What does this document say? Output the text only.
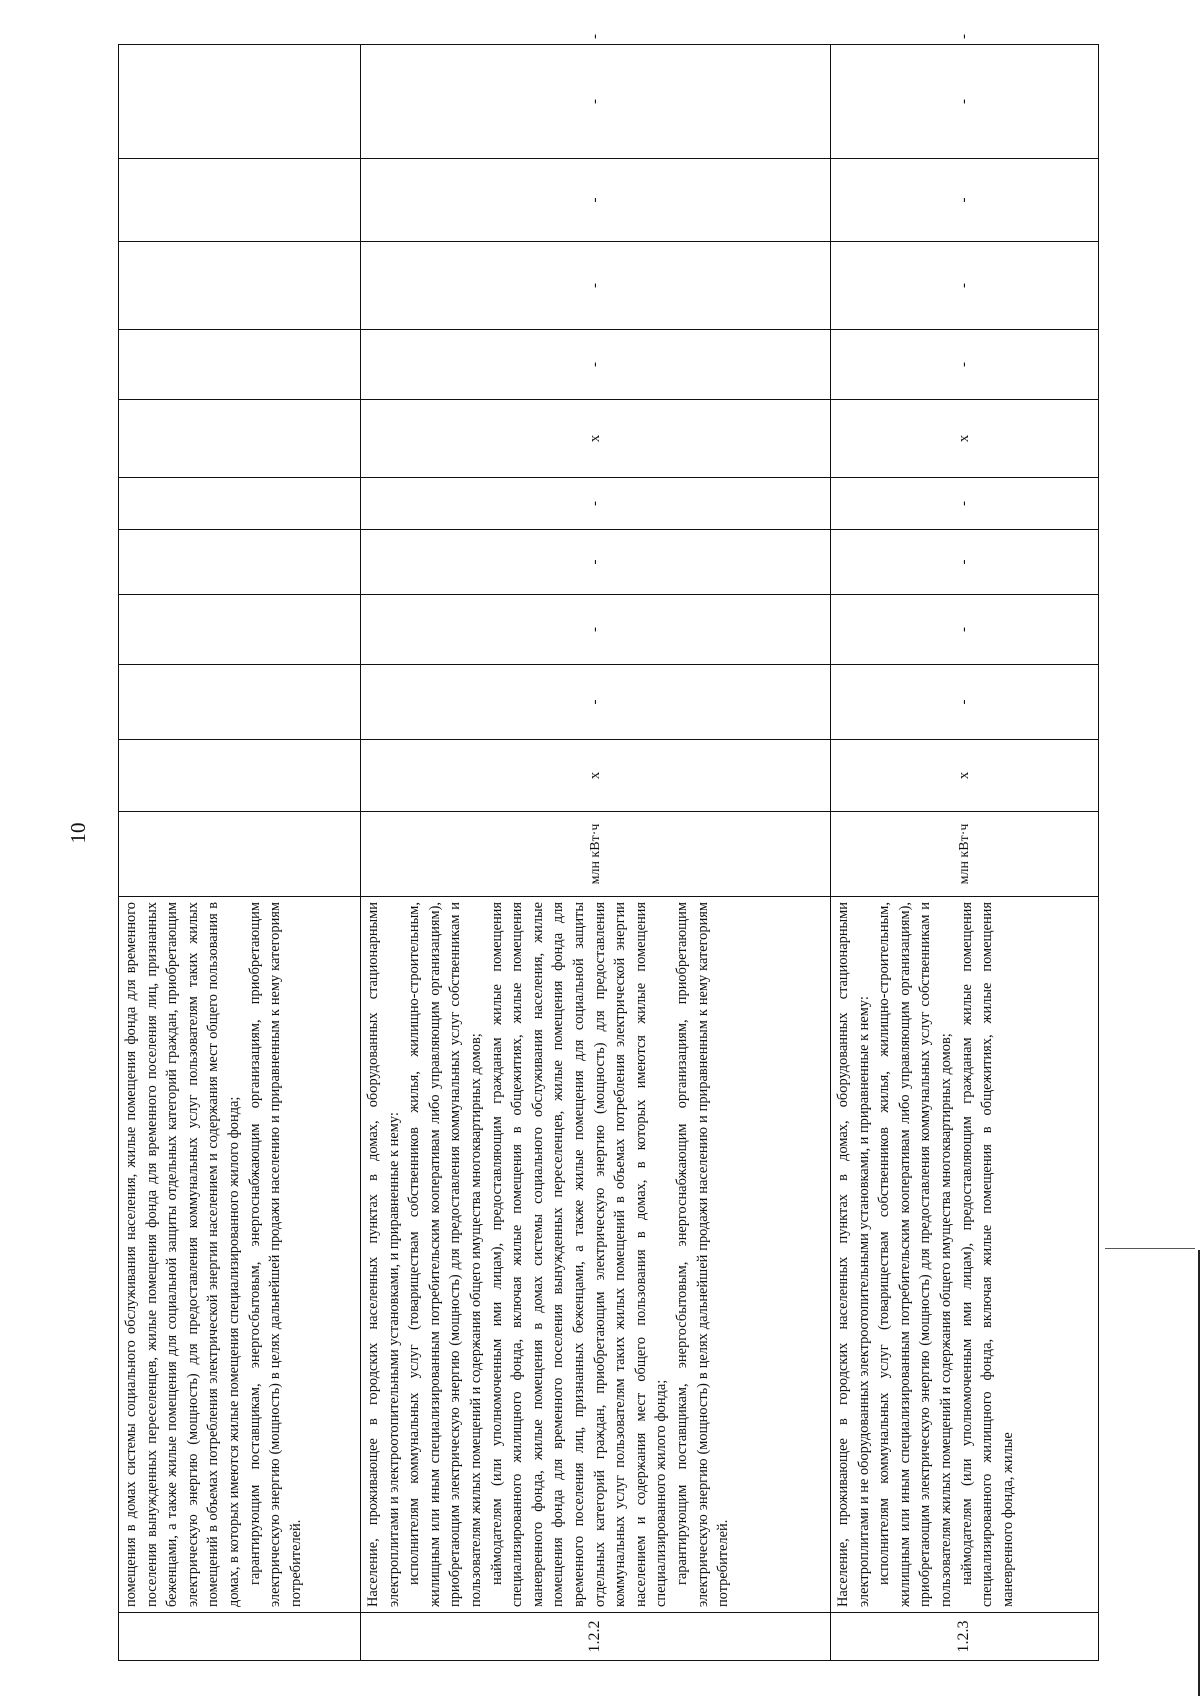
10

	помещения в домах системы социального обслуживания населения, жилые помещения фонда для временного поселения вынужденных переселенцев, жилые помещения фонда для временного поселения лиц, признанных беженцами, а также жилые помещения для социальной защиты отдельных категорий граждан, приобретающим электрическую энергию (мощность) для предоставления коммунальных услуг пользователям таких жилых помещений в объемах потребления электрической энергии населением и содержания мест общего пользования в домах, в которых имеются жилые помещения специализированного жилого фонда; гарантирующим поставщикам, энергосбытовым, энергоснабжающим организациям, приобретающим электрическую энергию (мощность) в целях дальнейшей продажи населению и приравненным к нему категориям потребителей.												

1.2.2	Население, проживающее в городских населенных пунктах в домах, оборудованных стационарными электроплитами и электроотопительными установками, и приравненные к нему: исполнителям коммунальных услуг (товариществам собственников жилья, жилищно-строительным, жилищным или иным специализированным потребительским кооперативам либо управляющим организациям), приобретающим электрическую энергию (мощность) для предоставления коммунальных услуг собственникам и пользователям жилых помещений и содержания общего имущества многоквартирных домов; наймодателям (или уполномоченным ими лицам), предоставляющим гражданам жилые помещения специализированного жилищного фонда, включая жилые помещения в общежитиях, жилые помещения маневренного фонда, жилые помещения в домах системы социального обслуживания населения, жилые помещения фонда для временного поселения вынужденных переселенцев, жилые помещения фонда для временного поселения лиц, признанных беженцами, а также жилые помещения для социальной защиты отдельных категорий граждан, приобретающим электрическую энергию (мощность) для предоставления коммунальных услуг пользователям таких жилых помещений в объемах потребления электрической энергии населением и содержания мест общего пользования в домах, в которых имеются жилые помещения специализированного жилого фонда; гарантирующим поставщикам, энергосбытовым, энергоснабжающим организациям, приобретающим электрическую энергию (мощность) в целях дальнейшей продажи населению и приравненным к нему категориям потребителей.	млн кВт·ч	x	-	-	-	-	x	-	-	-	-	-
1.2.3	Население, проживающее в городских населенных пунктах в домах, оборудованных стационарными электроплитами и не оборудованных электроотопительными установками, и приравненные к нему: исполнителям коммунальных услуг (товариществам собственников жилья, жилищно-строительным, жилищным или иным специализированным потребительским кооперативам либо управляющим организациям), приобретающим электрическую энергию (мощность) для предоставления коммунальных услуг собственникам и пользователям жилых помещений и содержания общего имущества многоквартирных домов; наймодателям (или уполномоченным ими лицам), предоставляющим гражданам жилые помещения специализированного жилищного фонда, включая жилые помещения в общежитиях, жилые помещения маневренного фонда, жилые	млн кВт·ч	x	-	-	-	-	x	-	-	-	-	-
